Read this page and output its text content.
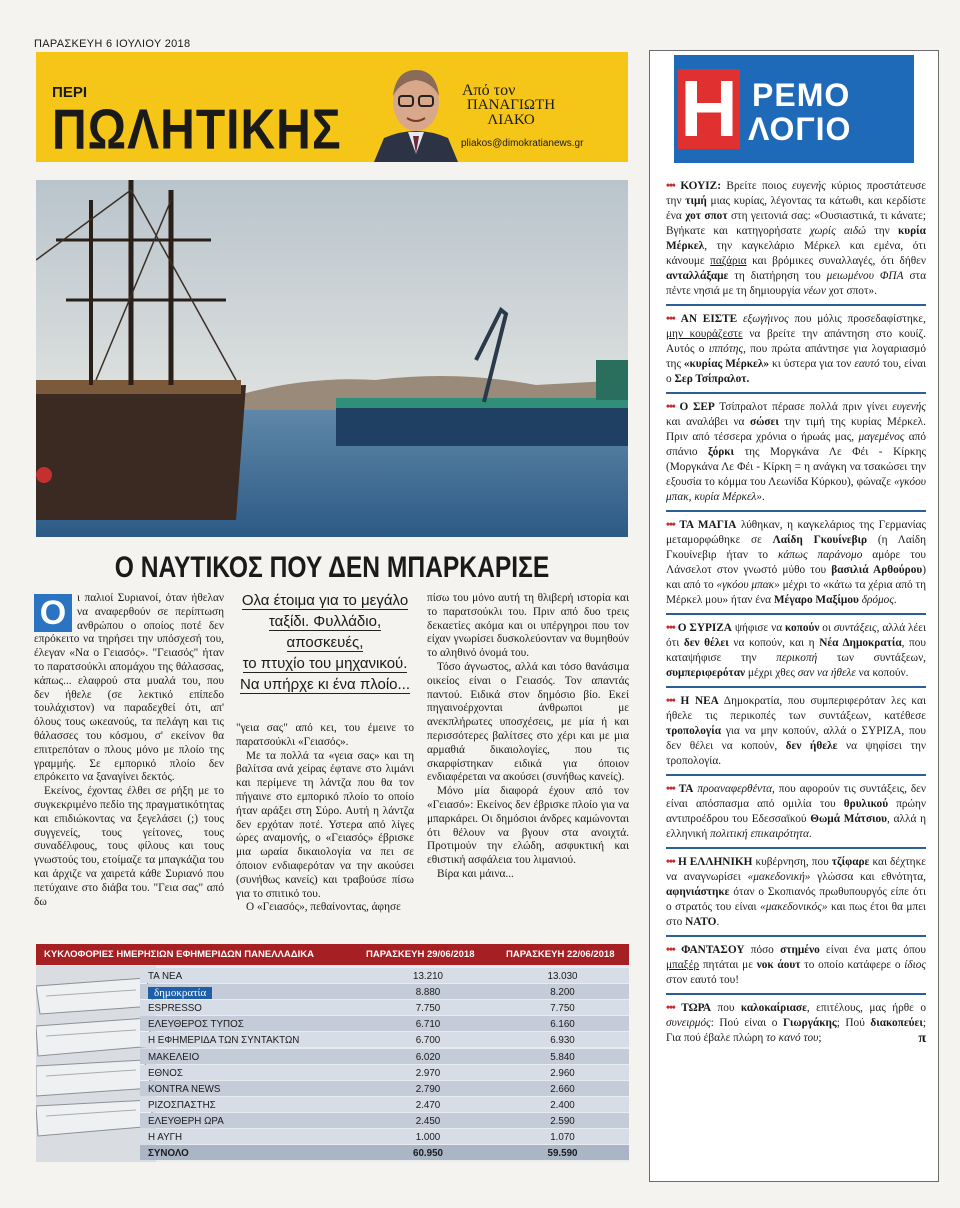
ΠΑΡΑΣΚΕΥΗ 6 ΙΟΥΛΙΟΥ 2018
ΠΕΡΙ
ΠΩΛΗΤΙΚΗΣ
Από τον
ΠΑΝΑΓΙΩΤΗ
ΛΙΑΚΟ
pliakos@dimokratianews.gr
Ο ΝΑΥΤΙΚΟΣ ΠΟΥ ΔΕΝ ΜΠΑΡΚΑΡΙΣΕ

Ο ι παλιοί Συριανοί, όταν ήθελαν να αναφερθούν σε περίπτωση ανθρώπου ο οποίος ποτέ δεν επρόκειτο να τηρήσει την υπόσχεσή του, έλεγαν «Να ο Γειασός». "Γειασός" ήταν το παρατσούκλι απομάχου της θάλασσας, κάπως... ελαφρού στα μυαλά του, που δεν ήθελε (σε λεκτικό επίπεδο τουλάχιστον) να παραδεχθεί ότι, απ' όλους τους ωκεανούς, τα πελάγη και τις θάλασσες του κόσμου, σ' εκείνον θα επιτρεπόταν ο πλους μόνο με πλοίο της γραμμής. Σε εμπορικό πλοίο δεν επρόκειτο να ξαναγίνει δεκτός.

Εκείνος, έχοντας έλθει σε ρήξη με το συγκεκριμένο πεδίο της πραγματικότητας και επιδιώκοντας να ξεγελάσει (;) τους συγγενείς, τους γείτονες, τους συναδέλφους, τους φίλους και τους γνωστούς του, ετοίμαζε τα μπαγκάζια του και άρχιζε να χαιρετά κάθε Συριανό που πετύχαινε στο διάβα του. "Γεια σας" από δω

Ολα έτοιμα για το μεγάλο
ταξίδι. Φυλλάδιο, αποσκευές,
το πτυχίο του μηχανικού.
Να υπήρχε κι ένα πλοίο...

"γεια σας" από κει, του έμεινε το παρατσούκλι «Γειασός».

Με τα πολλά τα «γεια σας» και τη βαλίτσα ανά χείρας έφτανε στο λιμάνι και περίμενε τη λάντζα που θα τον πήγαινε στο εμπορικό πλοίο το οποίο ήταν αράξει στη Σύρο. Αυτή η λάντζα δεν ερχόταν ποτέ. Υστερα από λίγες ώρες αναμονής, ο «Γειασός» έβρισκε μια ωραία δικαιολογία να πει σε όποιον ενδιαφερόταν να την ακούσει (συνήθως κανείς) και τραβούσε πίσω για το σπιτικό του.

Ο «Γειασός», πεθαίνοντας, άφησε

πίσω του μόνο αυτή τη θλιβερή ιστορία και το παρατσούκλι του. Πριν από δυο τρεις δεκαετίες ακόμα και οι υπέργηροι που τον είχαν γνωρίσει δυσκολεύονταν να θυμηθούν το αληθινό όνομά του.

Τόσο άγνωστος, αλλά και τόσο θανάσιμα οικείος είναι ο Γειασός. Τον απαντάς παντού. Ειδικά στον δημόσιο βίο. Εκεί πηγαινοέρχονται άνθρωποι με ανεκπλήρωτες υποσχέσεις, με μία ή και περισσότερες βαλίτσες στο χέρι και με μια αρμαθιά δικαιολογίες, που τις σκαρφίστηκαν ειδικά για όποιον ενδιαφέρεται να ακούσει (συνήθως κανείς).

Μόνο μία διαφορά έχουν από τον «Γειασό»: Εκείνος δεν έβρισκε πλοίο για να μπαρκάρει. Οι δημόσιοι άνδρες καμώνονται ότι θέλουν να βγουν στα ανοιχτά. Προτιμούν την ελώδη, ασφυκτική και εθιστική ασφάλεια του λιμανιού.

Βίρα και μάινα...

ΚΥΚΛΟΦΟΡΙΕΣ ΗΜΕΡΗΣΙΩΝ ΕΦΗΜΕΡΙΔΩΝ ΠΑΝΕΛΛΑΔΙΚΑ	ΠΑΡΑΣΚΕΥΗ 29/06/2018	ΠΑΡΑΣΚΕΥΗ 22/06/2018
ΤΑ ΝΕΑ	13.210	13.030
δημοκρατία	8.880	8.200
ESPRESSO	7.750	7.750
ΕΛΕΥΘΕΡΟΣ ΤΥΠΟΣ	6.710	6.160
Η ΕΦΗΜΕΡΙΔΑ ΤΩΝ ΣΥΝΤΑΚΤΩΝ	6.700	6.930
ΜΑΚΕΛΕΙΟ	6.020	5.840
ΕΘΝΟΣ	2.970	2.960
KONTRA NEWS	2.790	2.660
ΡΙΖΟΣΠΑΣΤΗΣ	2.470	2.400
ΕΛΕΥΘΕΡΗ ΩΡΑ	2.450	2.590
Η ΑΥΓΗ	1.000	1.070
ΣΥΝΟΛΟ	60.950	59.590
Η ΡΕΜΟ
ΛΟΓΙΟ
••• ΚΟΥΙΖ: Βρείτε ποιος ευγενής κύριος προστάτευσε την τιμή μιας κυρίας, λέγοντας τα κάτωθι, και κερδίστε ένα χοτ σποτ στη γειτονιά σας: «Ουσιαστικά, τι κάνατε; Βγήκατε και κατηγορήσατε χωρίς αιδώ την κυρία Μέρκελ, την καγκελάριο Μέρκελ και εμένα, ότι κάνουμε παζάρια και βρόμικες συναλλαγές, ότι δήθεν ανταλλάξαμε τη διατήρηση του μειωμένου ΦΠΑ στα πέντε νησιά με τη δημιουργία νέων χοτ σποτ».
••• ΑΝ ΕΙΣΤΕ εξωγήινος που μόλις προσεδαφίστηκε, μην κουράζεστε να βρείτε την απάντηση στο κουίζ. Αυτός ο ιππότης, που πρώτα απάντησε για λογαριασμό της «κυρίας Μέρκελ» κι ύστερα για τον εαυτό του, είναι ο Σερ Τσίπραλοτ.
••• Ο ΣΕΡ Τσίπραλοτ πέρασε πολλά πριν γίνει ευγενής και αναλάβει να σώσει την τιμή της κυρίας Μέρκελ. Πριν από τέσσερα χρόνια ο ήρωάς μας, μαγεμένος από σπάνιο ξόρκι της Μοργκάνα Λε Φέι - Κίρκης (Μοργκάνα Λε Φέι - Κίρκη = η ανάγκη να τσακώσει την εξουσία το κόμμα του Λεωνίδα Κύρκου), φώναζε «γκόου μπακ, κυρία Μέρκελ».
••• ΤΑ ΜΑΓΙΑ λύθηκαν, η καγκελάριος της Γερμανίας μεταμορφώθηκε σε Λαίδη Γκουίνεβιρ (η Λαίδη Γκουίνεβιρ ήταν το κάπως παράνομο αμόρε του Λάνσελοτ στον γνωστό μύθο του βασιλιά Αρθούρου) και από το «γκόου μπακ» μέχρι το «κάτω τα χέρια από τη Μέρκελ μου» ήταν ένα Μέγαρο Μαξίμου δρόμος.
••• Ο ΣΥΡΙΖΑ ψήφισε να κοπούν οι συντάξεις, αλλά λέει ότι δεν θέλει να κοπούν, και η Νέα Δημοκρατία, που καταψήφισε την περικοπή των συντάξεων, συμπεριφερόταν μέχρι χθες σαν να ήθελε να κοπούν.
••• Η ΝΕΑ Δημοκρατία, που συμπεριφερόταν λες και ήθελε τις περικοπές των συντάξεων, κατέθεσε τροπολογία για να μην κοπούν, αλλά ο ΣΥΡΙΖΑ, που δεν θέλει να κοπούν, δεν ήθελε να ψηφίσει την τροπολογία.
••• ΤΑ προαναφερθέντα, που αφορούν τις συντάξεις, δεν είναι απόσπασμα από ομιλία του θρυλικού πρώην αντιπροέδρου του Εδεσσαϊκού Θωμά Μάτσιου, αλλά η ελληνική πολιτική επικαιρότητα.
••• Η ΕΛΛΗΝΙΚΗ κυβέρνηση, που τζίφαρε και δέχτηκε να αναγνωρίσει «μακεδονική» γλώσσα και εθνότητα, αφηνιάστηκε όταν ο Σκοπιανός πρωθυπουργός είπε ότι ο στρατός του είναι «μακεδονικός» και πως έτοι θα μπει στο ΝΑΤΟ.
••• ΦΑΝΤΑΣΟΥ πόσο στημένο είναι ένα ματς όπου μπαξέρ πητάται με νοκ άουτ το οποίο κατάφερε ο ίδιος στον εαυτό του!
••• ΤΩΡΑ που καλοκαίριασε, επιτέλους, μας ήρθε ο συνειρμός: Πού είναι ο Γιωργάκης; Πού διακοπεύει; Για πού έβαλε πλώρη το κανό του;	π
